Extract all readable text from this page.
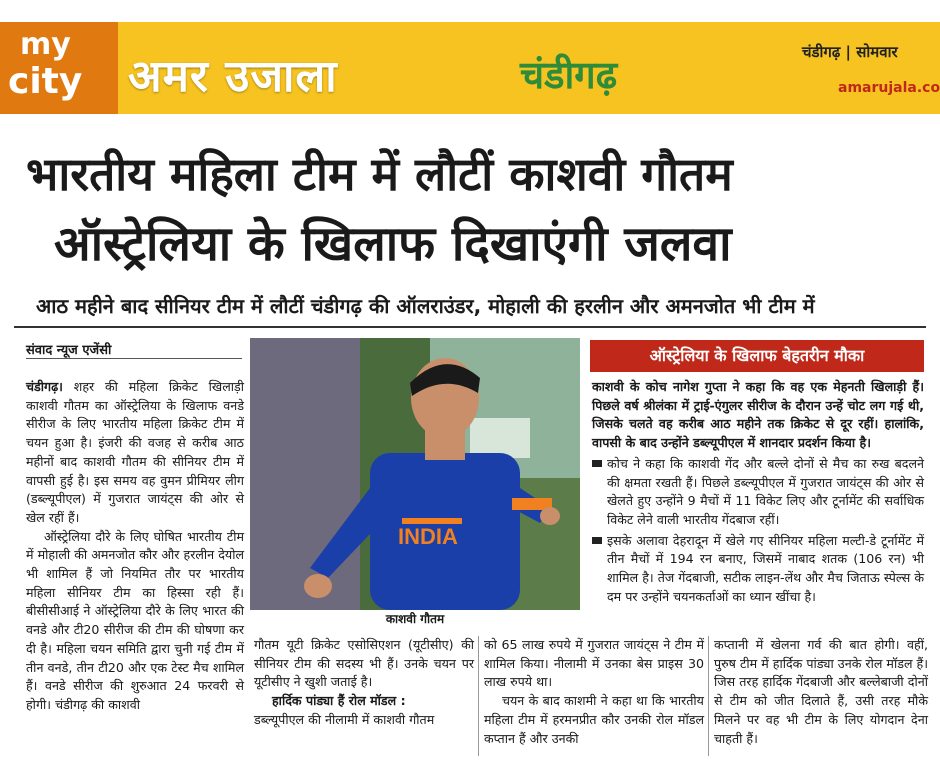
my
city अमर उजाला	चंडीगढ़
चंडीगढ़ | सोमवार
amarujala.co
भारतीय महिला टीम में लौटीं काशवी गौतम
ऑस्ट्रेलिया के खिलाफ दिखाएंगी जलवा
आठ महीने बाद सीनियर टीम में लौटीं चंडीगढ़ की ऑलराउंडर, मोहाली की हरलीन और अमनजोत भी टीम में
संवाद न्यूज एजेंसी

चंडीगढ़। शहर की महिला क्रिकेट खिलाड़ी काशवी गौतम का ऑस्ट्रेलिया के खिलाफ वनडे सीरीज के लिए भारतीय महिला क्रिकेट टीम में चयन हुआ है। इंजरी की वजह से करीब आठ महीनों बाद काशवी गौतम की सीनियर टीम में वापसी हुई है। इस समय वह वुमन प्रीमियर लीग (डब्ल्यूपीएल) में गुजरात जायंट्स की ओर से खेल रहीं हैं।

ऑस्ट्रेलिया दौरे के लिए घोषित भारतीय टीम में मोहाली की अमनजोत कौर और हरलीन देयोल भी शामिल हैं जो नियमित तौर पर भारतीय महिला सीनियर टीम का हिस्सा रही हैं। बीसीसीआई ने ऑस्ट्रेलिया दौरे के लिए भारत की वनडे और टी20 सीरीज की टीम की घोषणा कर दी है। महिला चयन समिति द्वारा चुनी गई टीम में तीन वनडे, तीन टी20 और एक टेस्ट मैच शामिल हैं। वनडे सीरीज की शुरुआत 24 फरवरी से होगी। चंडीगढ़ की काशवी

INDIA
काशवी गौतम
ऑस्ट्रेलिया के खिलाफ बेहतरीन मौका

काशवी के कोच नागेश गुप्ता ने कहा कि वह एक मेहनती खिलाड़ी हैं। पिछले वर्ष श्रीलंका में ट्राई-एंगुलर सीरीज के दौरान उन्हें चोट लग गई थी, जिसके चलते वह करीब आठ महीने तक क्रिकेट से दूर रहीं। हालांकि, वापसी के बाद उन्होंने डब्ल्यूपीएल में शानदार प्रदर्शन किया है।

कोच ने कहा कि काशवी गेंद और बल्ले दोनों से मैच का रुख बदलने की क्षमता रखती हैं। पिछले डब्ल्यूपीएल में गुजरात जायंट्स की ओर से खेलते हुए उन्होंने 9 मैचों में 11 विकेट लिए और टूर्नामेंट की सर्वाधिक विकेट लेने वाली भारतीय गेंदबाज रहीं।
इसके अलावा देहरादून में खेले गए सीनियर महिला मल्टी-डे टूर्नामेंट में तीन मैचों में 194 रन बनाए, जिसमें नाबाद शतक (106 रन) भी शामिल है। तेज गेंदबाजी, सटीक लाइन-लेंथ और मैच जिताऊ स्पेल्स के दम पर उन्होंने चयनकर्ताओं का ध्यान खींचा है।

गौतम यूटी क्रिकेट एसोसिएशन (यूटीसीए) की सीनियर टीम की सदस्य भी हैं। उनके चयन पर यूटीसीए ने खुशी जताई है।

हार्दिक पांड्या हैं रोल मॉडल :

डब्ल्यूपीएल की नीलामी में काशवी गौतम

को 65 लाख रुपये में गुजरात जायंट्स ने टीम में शामिल किया। नीलामी में उनका बेस प्राइस 30 लाख रुपये था।

चयन के बाद काशमी ने कहा था कि भारतीय महिला टीम में हरमनप्रीत कौर उनकी रोल मॉडल कप्तान हैं और उनकी

कप्तानी में खेलना गर्व की बात होगी। वहीं, पुरुष टीम में हार्दिक पांड्या उनके रोल मॉडल हैं। जिस तरह हार्दिक गेंदबाजी और बल्लेबाजी दोनों से टीम को जीत दिलाते हैं, उसी तरह मौके मिलने पर वह भी टीम के लिए योगदान देना चाहती हैं।
